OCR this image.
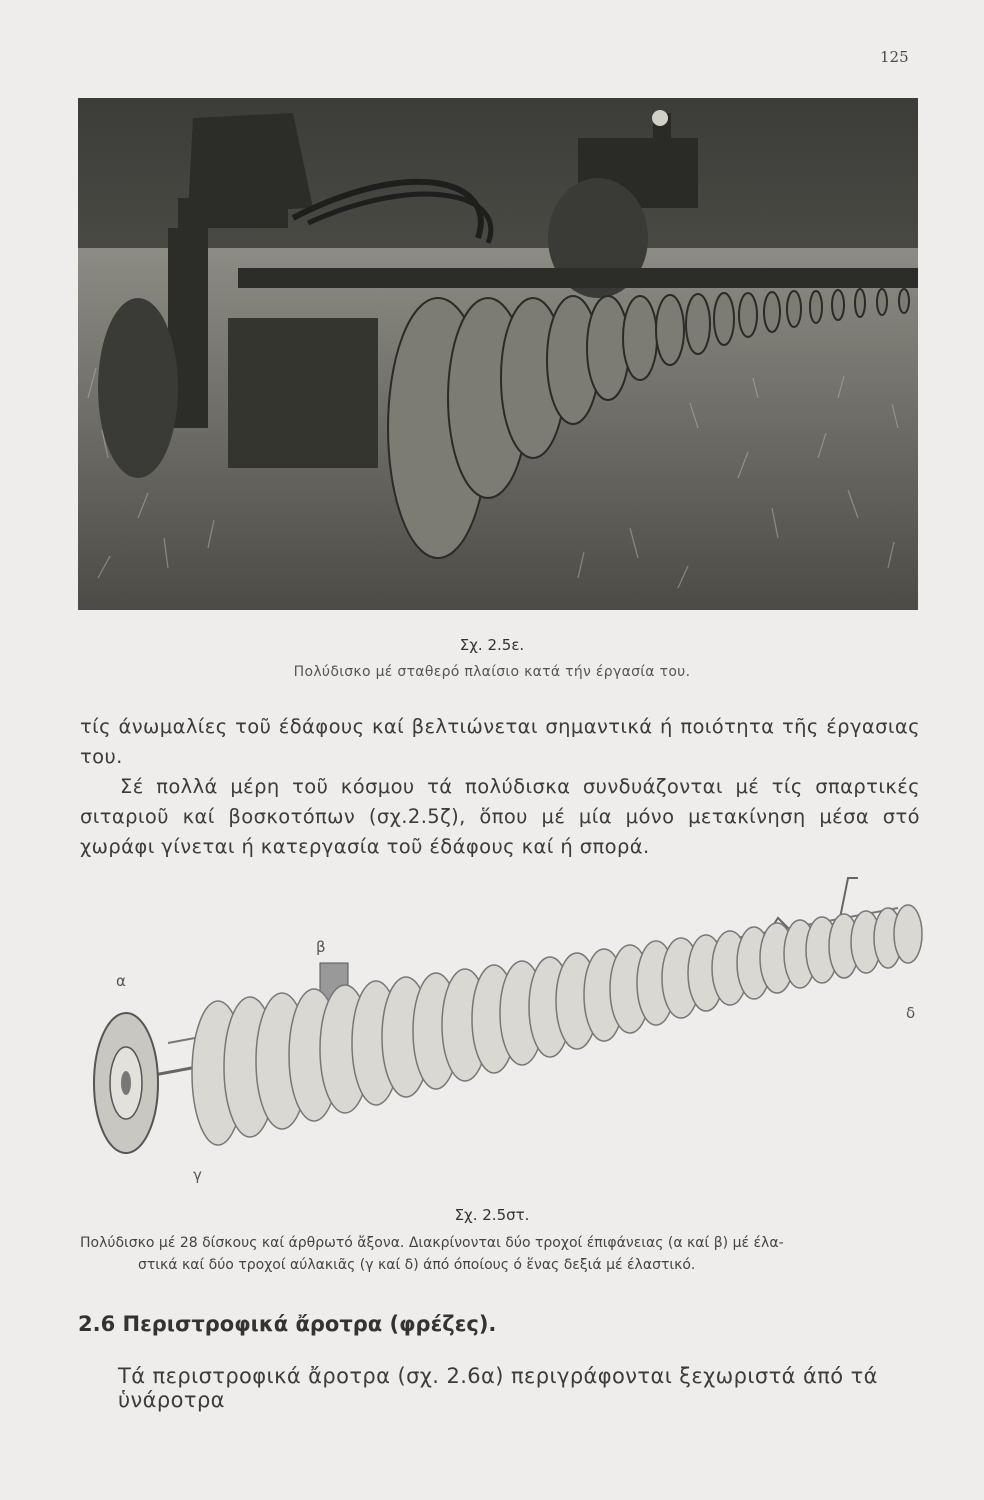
125
Σχ. 2.5ε.
Πολύδισκο μέ σταθερό πλαίσιο κατά τήν έργασία του.

τίς άνωμαλίες τοῦ έδάφους καί βελτιώνεται σημαντικά ή ποιότητα τῆς έργασιας του.

Σέ πολλά μέρη τοῦ κόσμου τά πολύδισκα συνδυάζονται μέ τίς σπαρτικές σιταριοῦ καί βοσκοτόπων (σχ.2.5ζ), ὅπου μέ μία μόνο μετακίνηση μέσα στό χωράφι γίνεται ή κατεργασία τοῦ έδάφους καί ή σπορά.

α
β
γ
δ
Σχ. 2.5στ.
Πολύδισκο μέ 28 δίσκους καί άρθρωτό ἄξονα. Διακρίνονται δύο τροχοί έπιφάνειας (α καί β) μέ έλα-
στικά καί δύο τροχοί αύλακιᾶς (γ καί δ) άπό όποίους ό ἕνας δεξιά μέ έλαστικό.
2.6 Περιστροφικά ἄροτρα (φρέζες).
Τά περιστροφικά ἄροτρα (σχ. 2.6α) περιγράφονται ξεχωριστά άπό τά ὑνάροτρα
